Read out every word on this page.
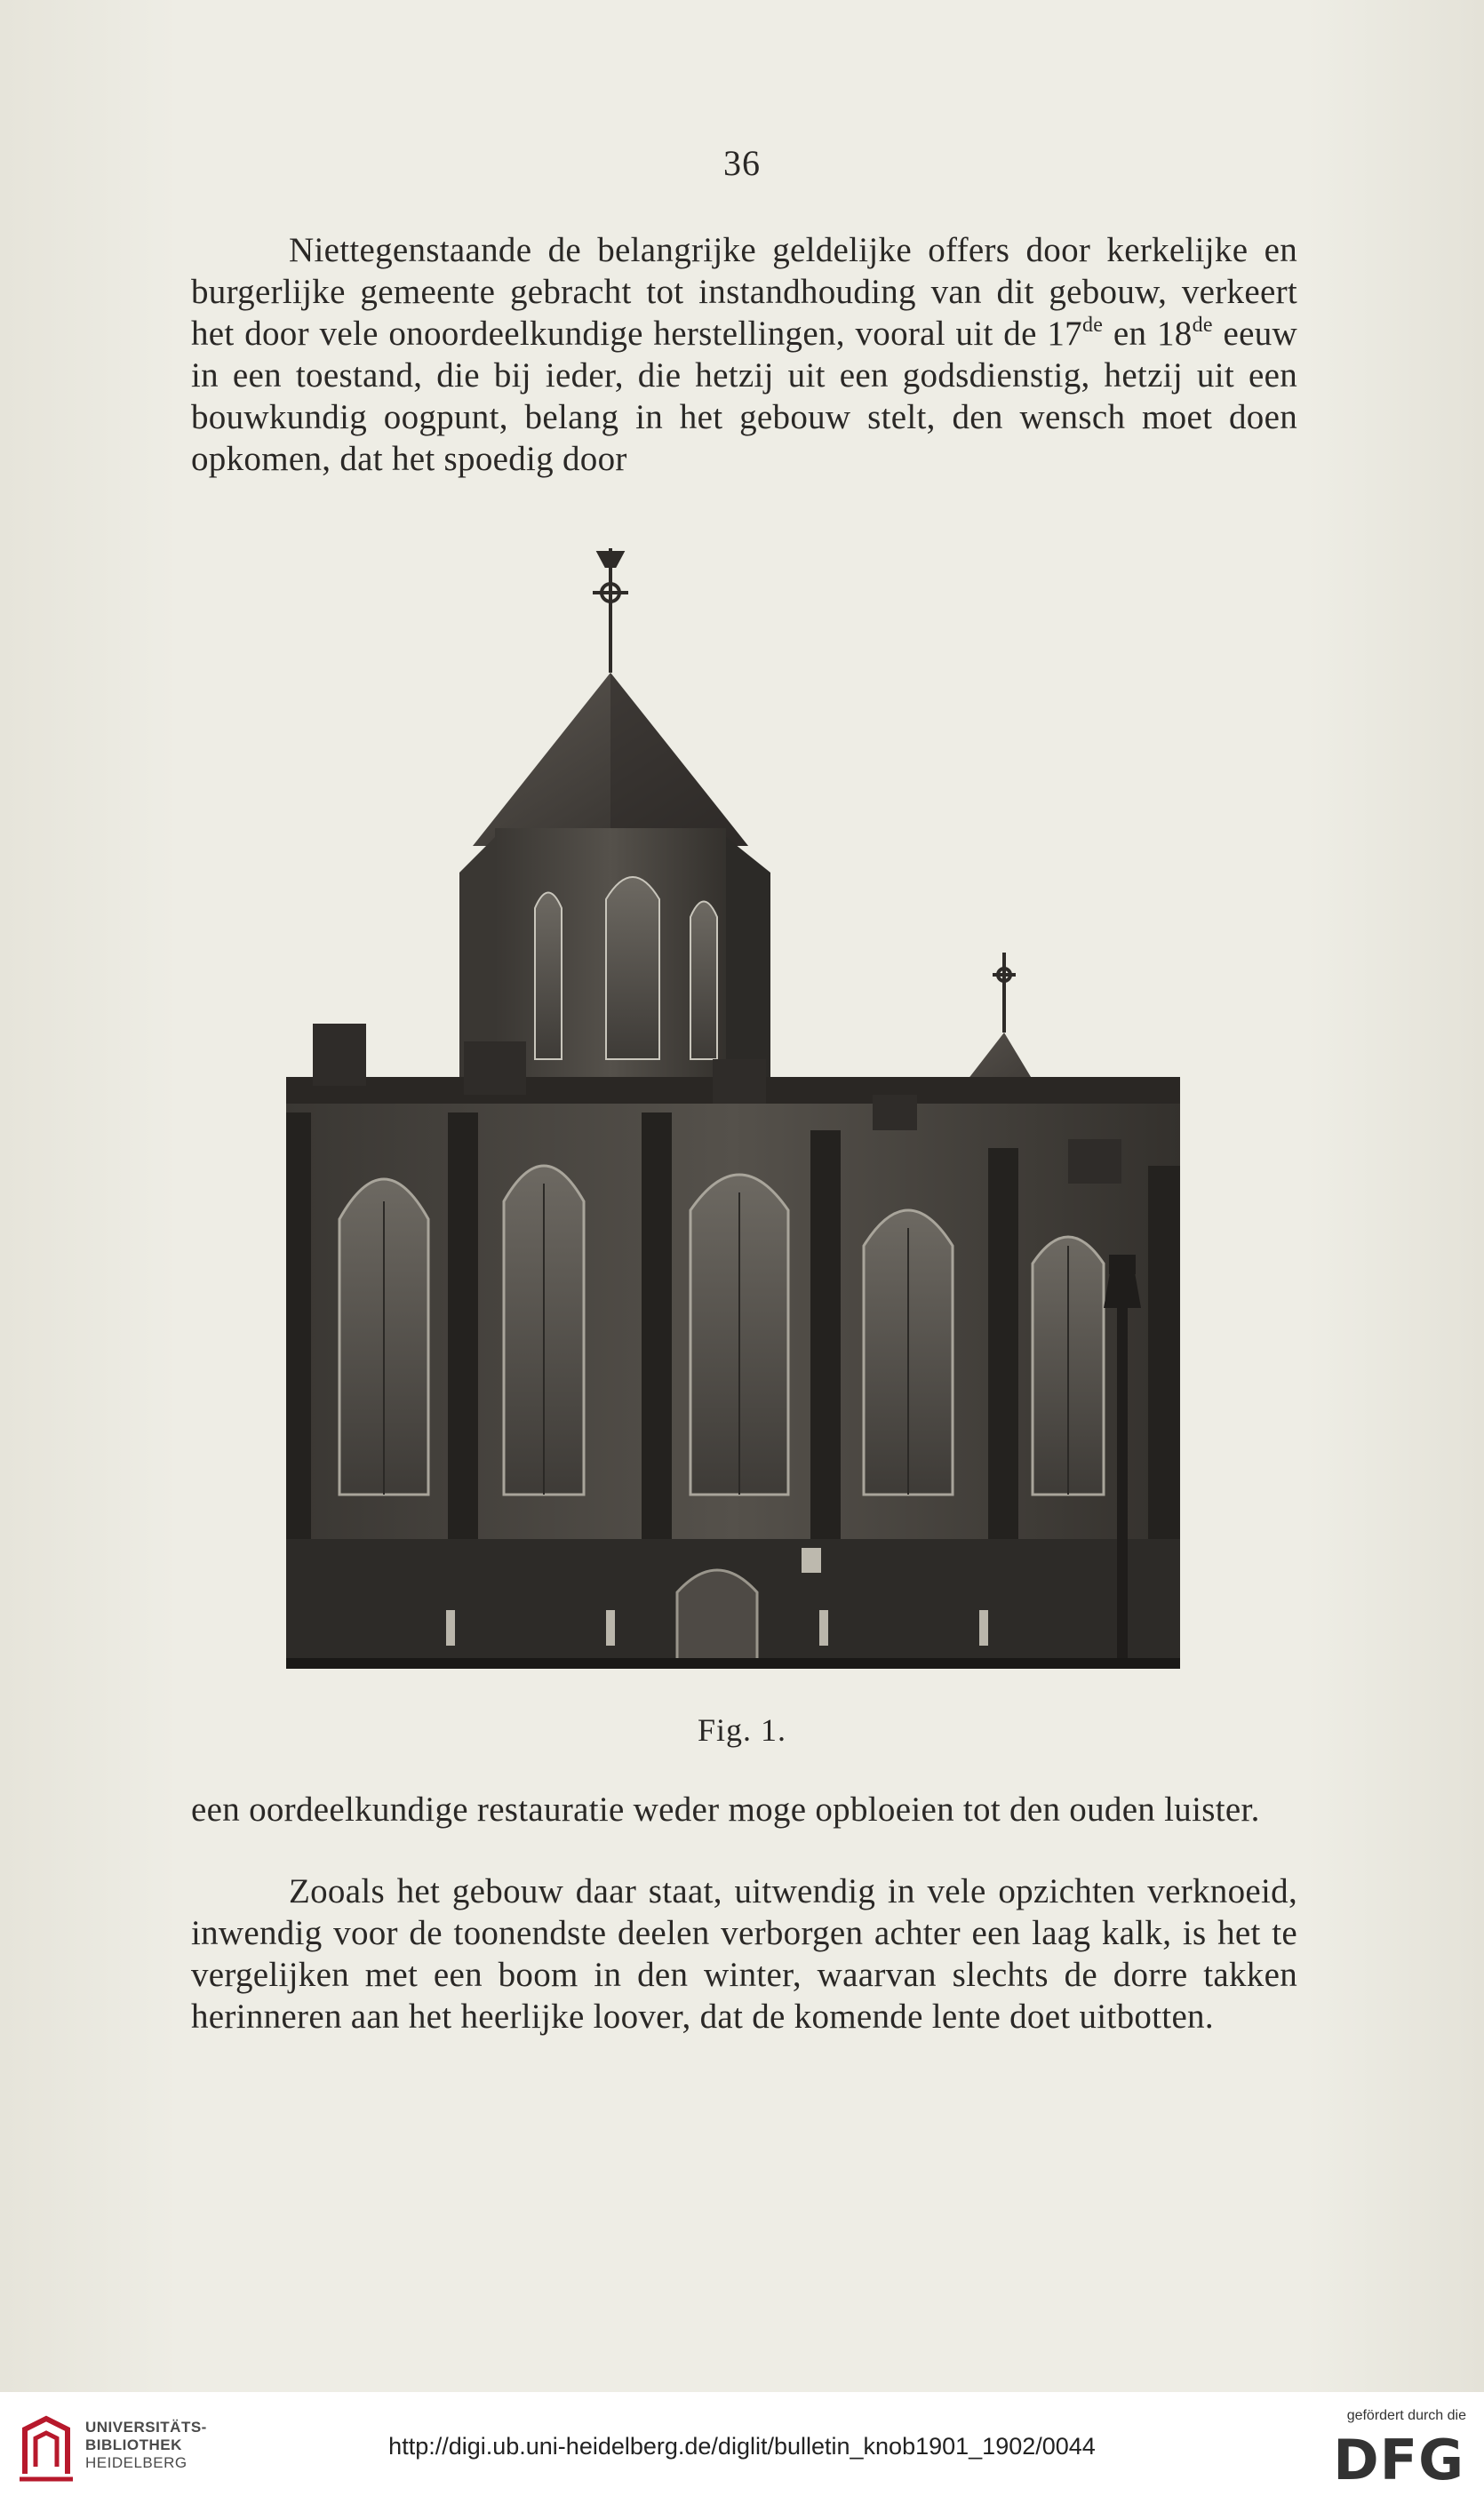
36

Niettegenstaande de belangrijke geldelijke offers door kerkelijke en burgerlijke gemeente gebracht tot instandhouding van dit gebouw, verkeert het door vele onoordeelkundige herstellingen, vooral uit de 17de en 18de eeuw in een toestand, die bij ieder, die hetzij uit een godsdienstig, hetzij uit een bouwkundig oogpunt, belang in het gebouw stelt, den wensch moet doen opkomen, dat het spoedig door

Fig. 1.

een oordeelkundige restauratie weder moge opbloeien tot den ouden luister.

Zooals het gebouw daar staat, uitwendig in vele opzichten verknoeid, inwendig voor de toonendste deelen verborgen achter een laag kalk, is het te vergelijken met een boom in den winter, waarvan slechts de dorre takken herinneren aan het heerlijke loover, dat de komende lente doet uitbotten.

UNIVERSITÄTS-
BIBLIOTHEK
HEIDELBERG
http://digi.ub.uni-heidelberg.de/diglit/bulletin_knob1901_1902/0044
gefördert durch die
DFG
